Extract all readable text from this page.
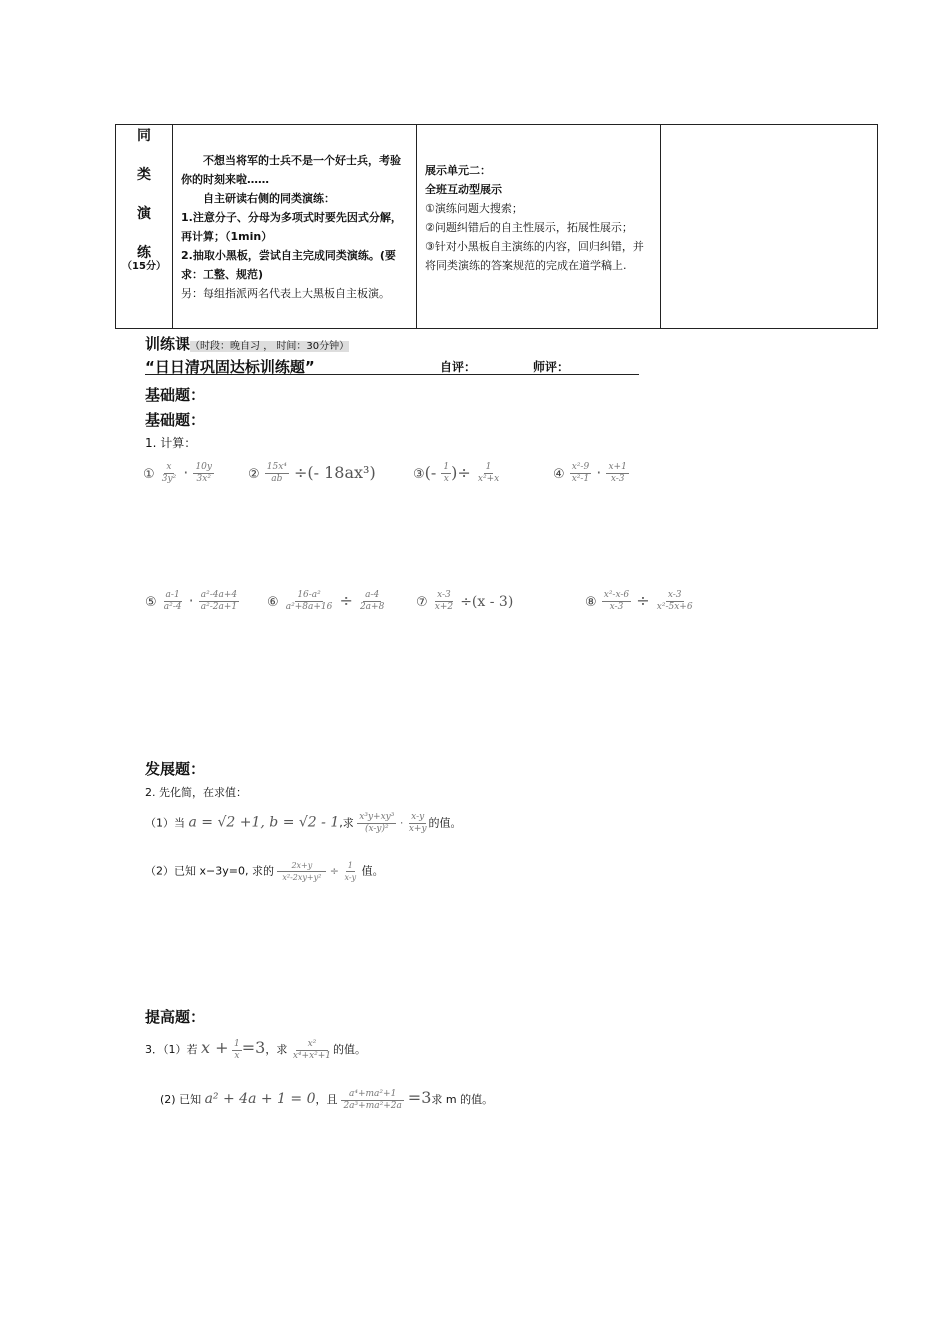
同
类
演
练
（15分）

不想当将军的士兵不是一个好士兵，考验你的时刻来啦……
自主研读右侧的同类演练：
1.注意分子、分母为多项式时要先因式分解，再计算；（1min）
2.抽取小黑板，尝试自主完成同类演练。(要求：工整、规范)
另：每组指派两名代表上大黑板自主板演。

展示单元二：
全班互动型展示
①演练问题大搜索；
②问题纠错后的自主性展示，拓展性展示；
③针对小黑板自主演练的内容，回归纠错，并将同类演练的答案规范的完成在道学稿上.

训练课（时段：晚自习 ， 时间：30分钟）
“日日清巩固达标训练题”	自评：	师评：
基础题：
基础题：
1. 计算：
① $\frac{x}{\text{3y²}} \cdot \frac{10y}{\text{3x²}}$	② $\frac{\text{15x⁴}}{ab}$ ÷(- 18ax³)	③(- $\frac{1}{x}$ )÷ $\frac{1}{\text{x²+x}}$	④ $\frac{\text{x²-9}}{\text{x²-1}} \cdot \frac{x+1}{x-3}$
⑤ $\frac{a-1}{\text{a²-4}} \cdot \frac{\text{a²-4a+4}}{\text{a²-2a+1}}$ ⑥ $\frac{\text{16-a²}}{\text{a²+8a+16}} \div \frac{a-4}{2a+8}$ ⑦ $\frac{x-3}{x+2} \div(x - 3)$	⑧ $\frac{\text{x²-x-6}}{x-3} \div \frac{x-3}{\text{x²-5x+6}}$
发展题：
2. 先化简，在求值：
（1）当 a = √2 +1, b = √2 - 1,求 $\frac{\text{x³y+xy³}}{\text{(x-y)²}} \cdot \frac{x-y}{x+y}$ 的值。
（2）已知 x−3y=0, 求的 $\frac{2x+y}{\text{x²-2xy+y²}} \div \frac{1}{x-y}$ 值。
提高题：
3．（1）若 $x + \frac{1}{x} =3$，求 $\frac{\text{x²}}{\text{x⁴+x²+1}}$ 的值。
(2) 已知 a² + 4a + 1 = 0，且 $\frac{\text{a⁴+ma²+1}}{\text{2a³+ma²+2a}} =3$求 m 的值。
